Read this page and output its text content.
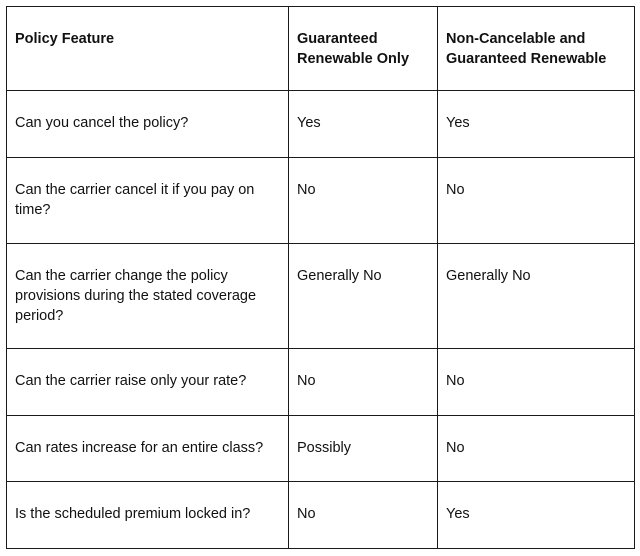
Policy Feature	Guaranteed Renewable Only	Non-Cancelable and Guaranteed Renewable
Can you cancel the policy?	Yes	Yes
Can the carrier cancel it if you pay on time?	No	No
Can the carrier change the policy provisions during the stated coverage period?	Generally No	Generally No
Can the carrier raise only your rate?	No	No
Can rates increase for an entire class?	Possibly	No
Is the scheduled premium locked in?	No	Yes
